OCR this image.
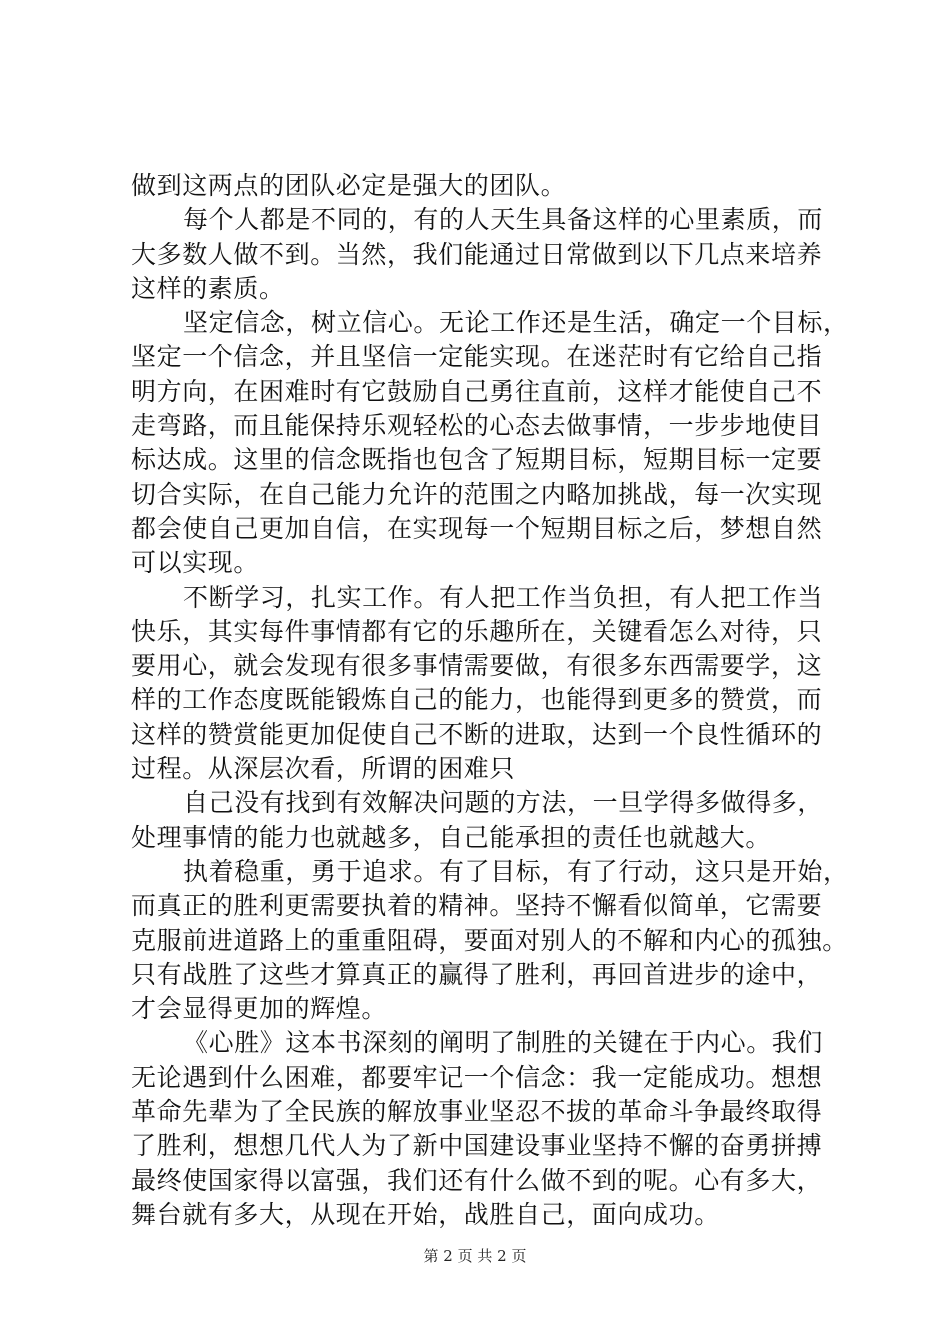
做到这两点的团队必定是强大的团队。
每个人都是不同的，有的人天生具备这样的心里素质，而
大多数人做不到。当然，我们能通过日常做到以下几点来培养
这样的素质。
坚定信念，树立信心。无论工作还是生活，确定一个目标，
坚定一个信念，并且坚信一定能实现。在迷茫时有它给自己指
明方向，在困难时有它鼓励自己勇往直前，这样才能使自己不
走弯路，而且能保持乐观轻松的心态去做事情，一步步地使目
标达成。这里的信念既指也包含了短期目标，短期目标一定要
切合实际，在自己能力允许的范围之内略加挑战，每一次实现
都会使自己更加自信，在实现每一个短期目标之后，梦想自然
可以实现。
不断学习，扎实工作。有人把工作当负担，有人把工作当
快乐，其实每件事情都有它的乐趣所在，关键看怎么对待，只
要用心，就会发现有很多事情需要做，有很多东西需要学，这
样的工作态度既能锻炼自己的能力，也能得到更多的赞赏，而
这样的赞赏能更加促使自己不断的进取，达到一个良性循环的
过程。从深层次看，所谓的困难只
自己没有找到有效解决问题的方法，一旦学得多做得多，
处理事情的能力也就越多，自己能承担的责任也就越大。
执着稳重，勇于追求。有了目标，有了行动，这只是开始，
而真正的胜利更需要执着的精神。坚持不懈看似简单，它需要
克服前进道路上的重重阻碍，要面对别人的不解和内心的孤独。
只有战胜了这些才算真正的赢得了胜利，再回首进步的途中，
才会显得更加的辉煌。
《心胜》这本书深刻的阐明了制胜的关键在于内心。我们
无论遇到什么困难，都要牢记一个信念：我一定能成功。想想
革命先辈为了全民族的解放事业坚忍不拔的革命斗争最终取得
了胜利，想想几代人为了新中国建设事业坚持不懈的奋勇拼搏
最终使国家得以富强，我们还有什么做不到的呢。心有多大，
舞台就有多大，从现在开始，战胜自己，面向成功。
第 2 页 共 2 页
